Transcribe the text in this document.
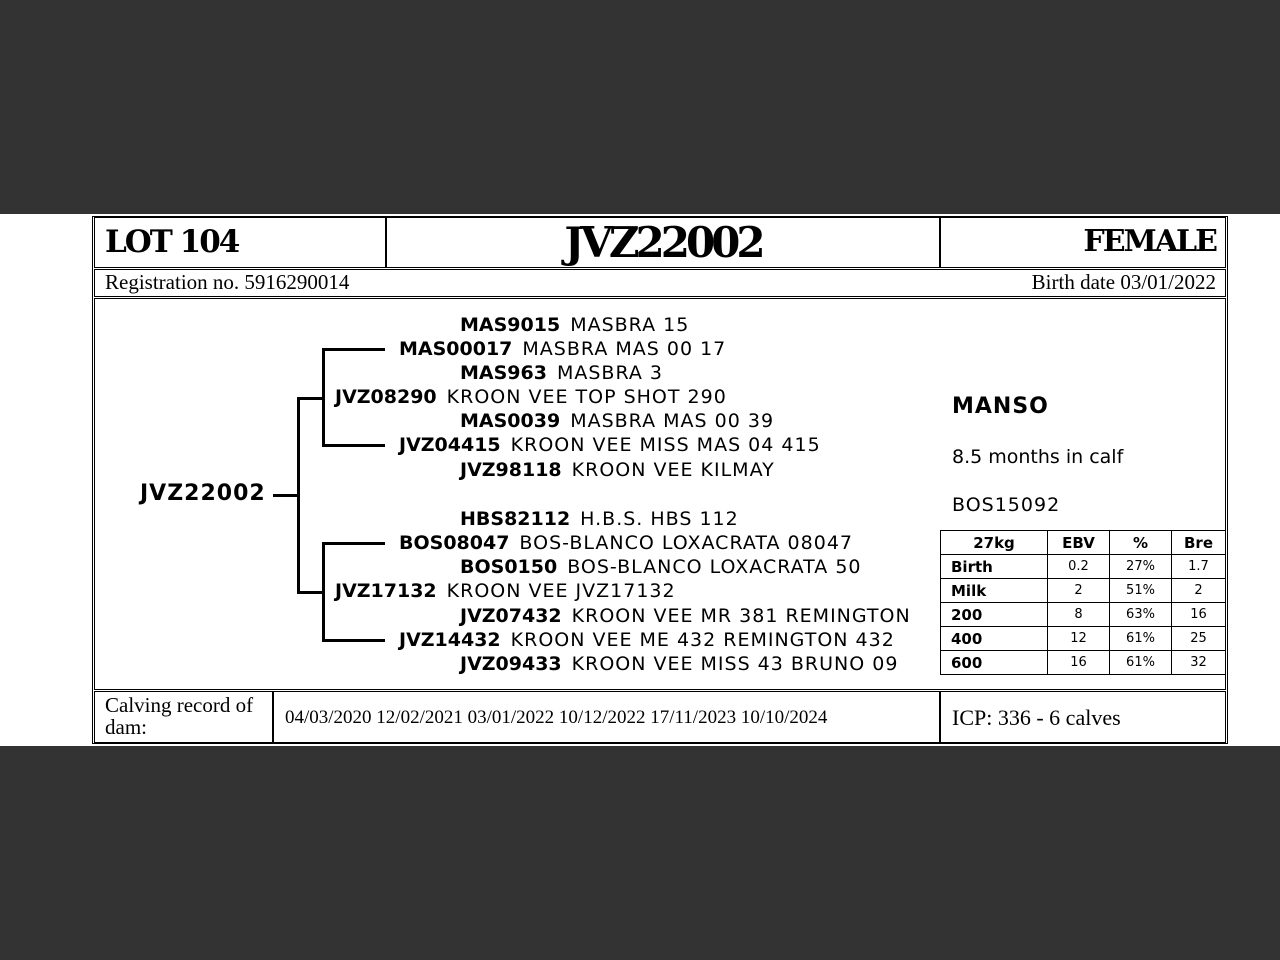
LOT 104	JVZ22002	FEMALE
Registration no. 5916290014	Birth date 03/01/2022
JVZ22002
MAS9015 MASBRA 15
MAS00017 MASBRA MAS 00 17
MAS963 MASBRA 3
JVZ08290 KROON VEE TOP SHOT 290
MAS0039 MASBRA MAS 00 39
JVZ04415 KROON VEE MISS MAS 04 415
JVZ98118 KROON VEE KILMAY
HBS82112 H.B.S. HBS 112
BOS08047 BOS-BLANCO LOXACRATA 08047
BOS0150 BOS-BLANCO LOXACRATA 50
JVZ17132 KROON VEE JVZ17132
JVZ07432 KROON VEE MR 381 REMINGTON
JVZ14432 KROON VEE ME 432 REMINGTON 432
JVZ09433 KROON VEE MISS 43 BRUNO 09
MANSO
8.5 months in calf
BOS15092
27kg	EBV	%	Bre
Birth	0.2	27%	1.7
Milk	2	51%	2
200	8	63%	16
400	12	61%	25
600	16	61%	32
Calving record of dam:	04/03/2020 12/02/2021 03/01/2022 10/12/2022 17/11/2023 10/10/2024	ICP: 336 - 6 calves
